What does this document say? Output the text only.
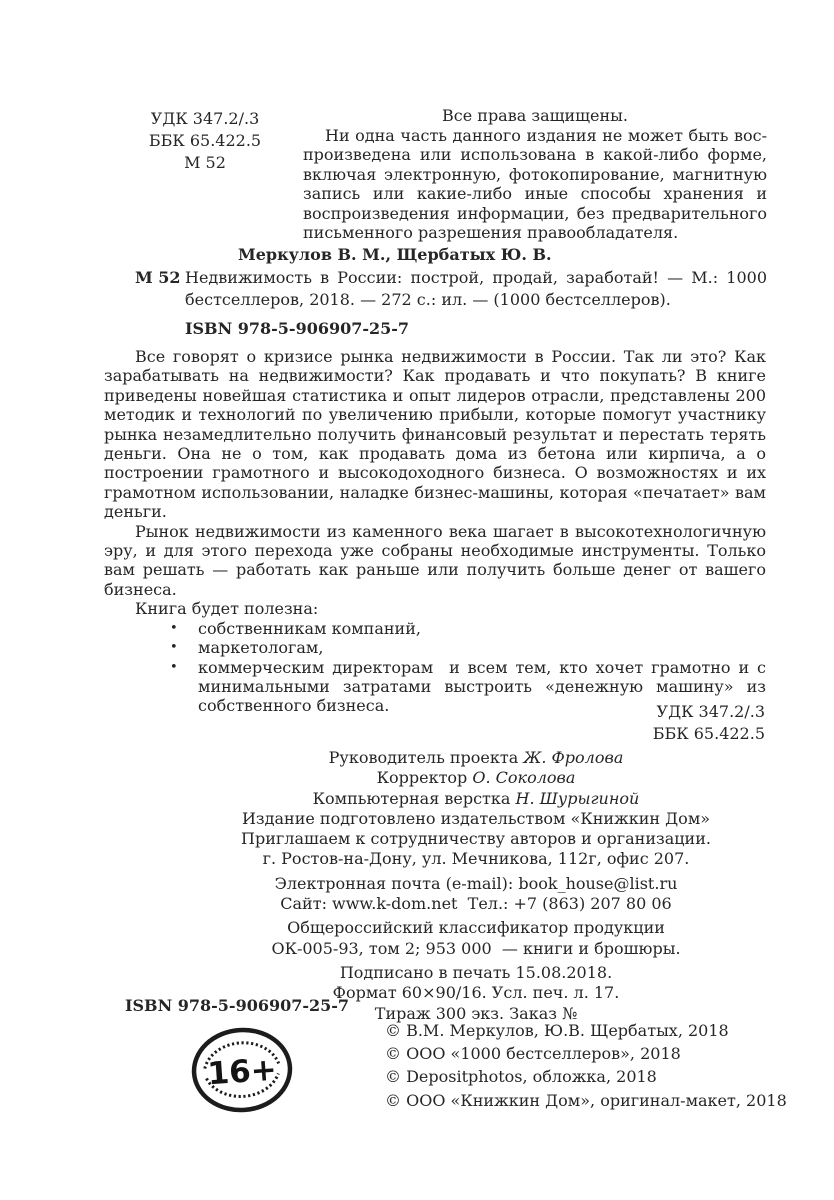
УДК 347.2/.3
ББК 65.422.5
М 52
Все права защищены.
Ни одна часть данного издания не может быть воспроизведена или использована в какой-либо форме, включая электронную, фотокопирование, магнитную запись или какие-либо иные способы хранения и воспроизведения информации, без предварительного письменного разрешения правообладателя.
Меркулов В. М., Щербатых Ю. В.
М 52 Недвижимость в России: построй, продай, заработай! — М.: 1000 бестселлеров, 2018. — 272 с.: ил. — (1000 бестселлеров).
ISBN 978-5-906907-25-7

Все говорят о кризисе рынка недвижимости в России. Так ли это? Как зарабатывать на недвижимости? Как продавать и что покупать? В книге приведены новейшая статистика и опыт лидеров отрасли, представлены 200 методик и технологий по увеличению прибыли, которые помогут участнику рынка незамедлительно получить финансовый результат и перестать терять деньги. Она не о том, как продавать дома из бетона или кирпича, а о построении грамотного и высокодоходного бизнеса. О возможностях и их грамотном использовании, наладке бизнес-машины, которая «печатает» вам деньги.

Рынок недвижимости из каменного века шагает в высокотехнологичную эру, и для этого перехода уже собраны необходимые инструменты. Только вам решать — работать как раньше или получить больше денег от вашего бизнеса.

Книга будет полезна:

• собственникам компаний,
• маркетологам,
• коммерческим директорам  и всем тем, кто хочет грамотно и с минимальными затратами выстроить «денежную машину» из собственного бизнеса.	УДК 347.2/.3
ББК 65.422.5
Руководитель проекта Ж. Фролова
Корректор О. Соколова
Компьютерная верстка Н. Шурыгиной
Издание подготовлено издательством «Книжкин Дом»
Приглашаем к сотрудничеству авторов и организации.
г. Ростов-на-Дону, ул. Мечникова, 112г, офис 207.
Электронная почта (e-mail): book_house@list.ru
Сайт: www.k-dom.net  Тел.: +7 (863) 207 80 06
Общероссийский классификатор продукции
ОК-005-93, том 2; 953 000  — книги и брошюры.
Подписано в печать 15.08.2018.
Формат 60×90/16. Усл. печ. л. 17.
Тираж 300 экз. Заказ №
ISBN 978-5-906907-25-7
16+
© В.М. Меркулов, Ю.В. Щербатых, 2018
© ООО «1000 бестселлеров», 2018
© Depositphotos, обложка, 2018
© ООО «Книжкин Дом», оригинал-макет, 2018
